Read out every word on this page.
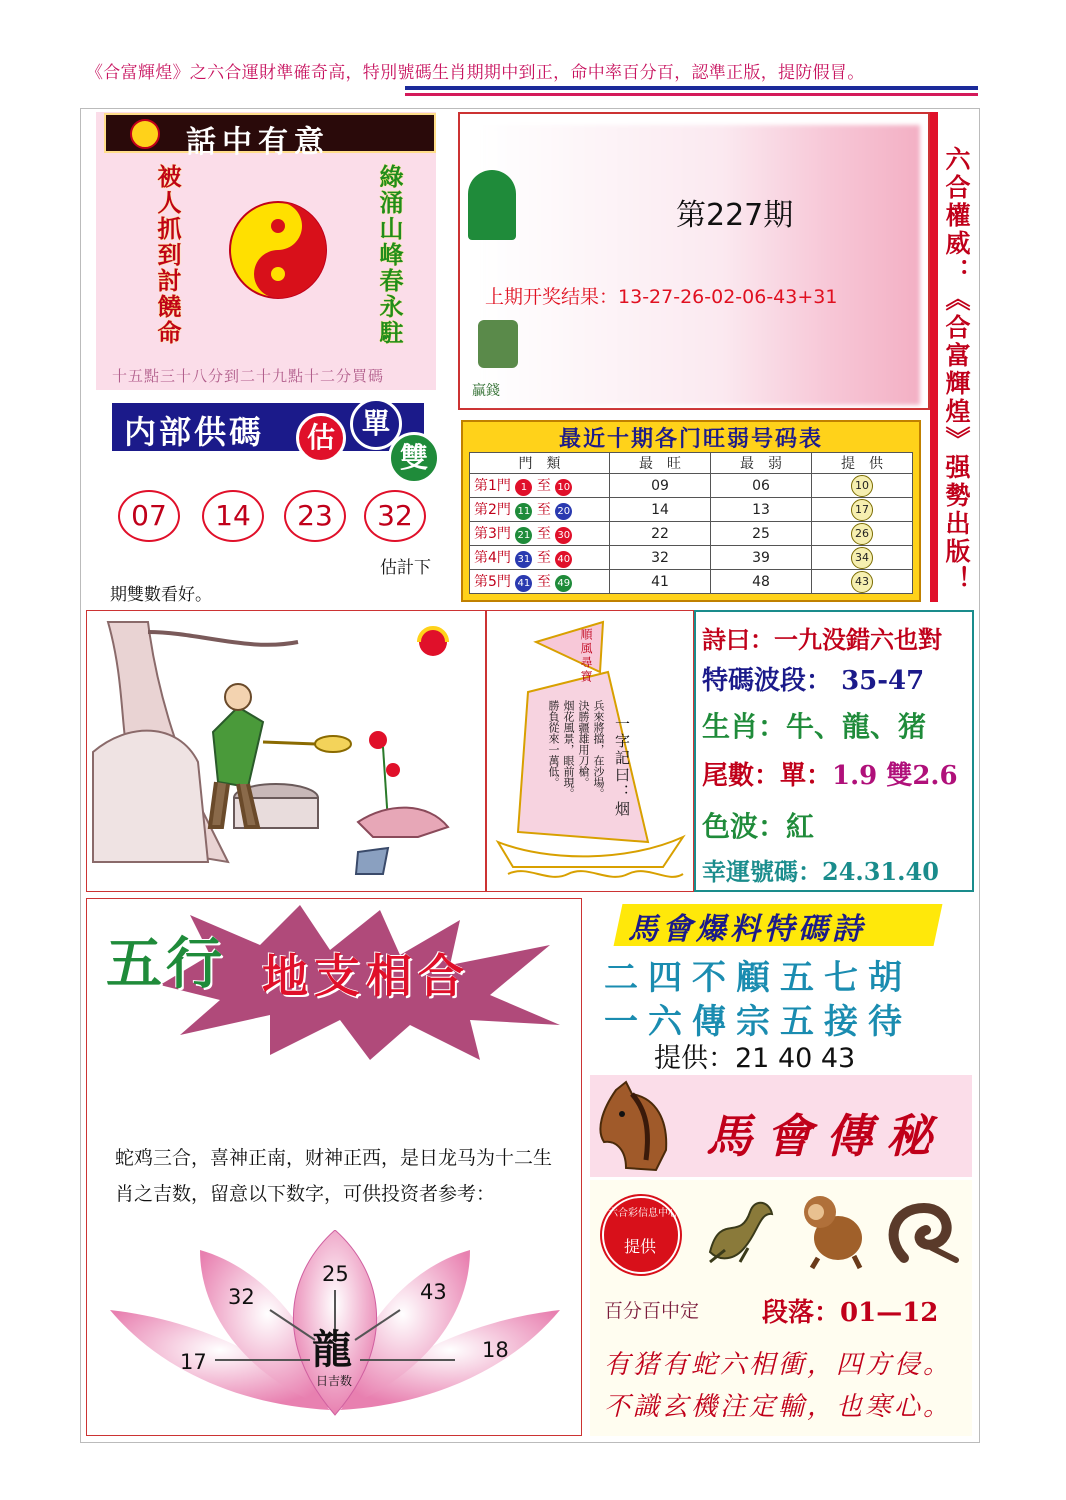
《合富輝煌》之六合運財準確奇高，特別號碼生肖期期中到正，命中率百分百，認準正版，提防假冒。
話中有意
被人抓到討饒命	綠涌山峰春永駐
十五點三十八分到二十九點十二分買碼
第227期
上期开奖结果：13-27-26-02-06-43+31
贏錢	六合權威：《合富輝煌》强勢出版！
内部供碼	估 單
雙
07	14	23	32
估計下
期雙數看好。
最近十期各门旺弱号码表
門　類	最　旺	最　弱	提　供
第1門 1 至 10	09	06	10
第2門 11 至 20	14	13	17
第3門 21 至 30	22	25	26
第4門 31 至 40	32	39	34
第5門 41 至 49	41	48	43
順風尋寶
一字記曰：烟
兵來將擋，在沙場。
決勝疆雄用刀槍。
烟花風景，眼前現。
勝負從來一萬低。
詩曰：一九没錯六也對
特碼波段： 35-47
生肖：牛、龍、猪
尾數：單：1.9 雙2.6
色波：紅
幸運號碼：24.31.40
五行 地支相合
蛇鸡三合，喜神正南，财神正西，是日龙马为十二生肖之吉数，留意以下数字，可供投资者参考：
17
32
25
43
18
龍
日吉数
馬會爆料特碼詩
二四不顧五七胡
一六傳宗五接待
提供：21 40 43
馬會傳秘
六合彩信息中心
提供
百分百中定 段落：01—12
有猪有蛇六相衝，四方侵。
不識玄機注定輸，也寒心。
